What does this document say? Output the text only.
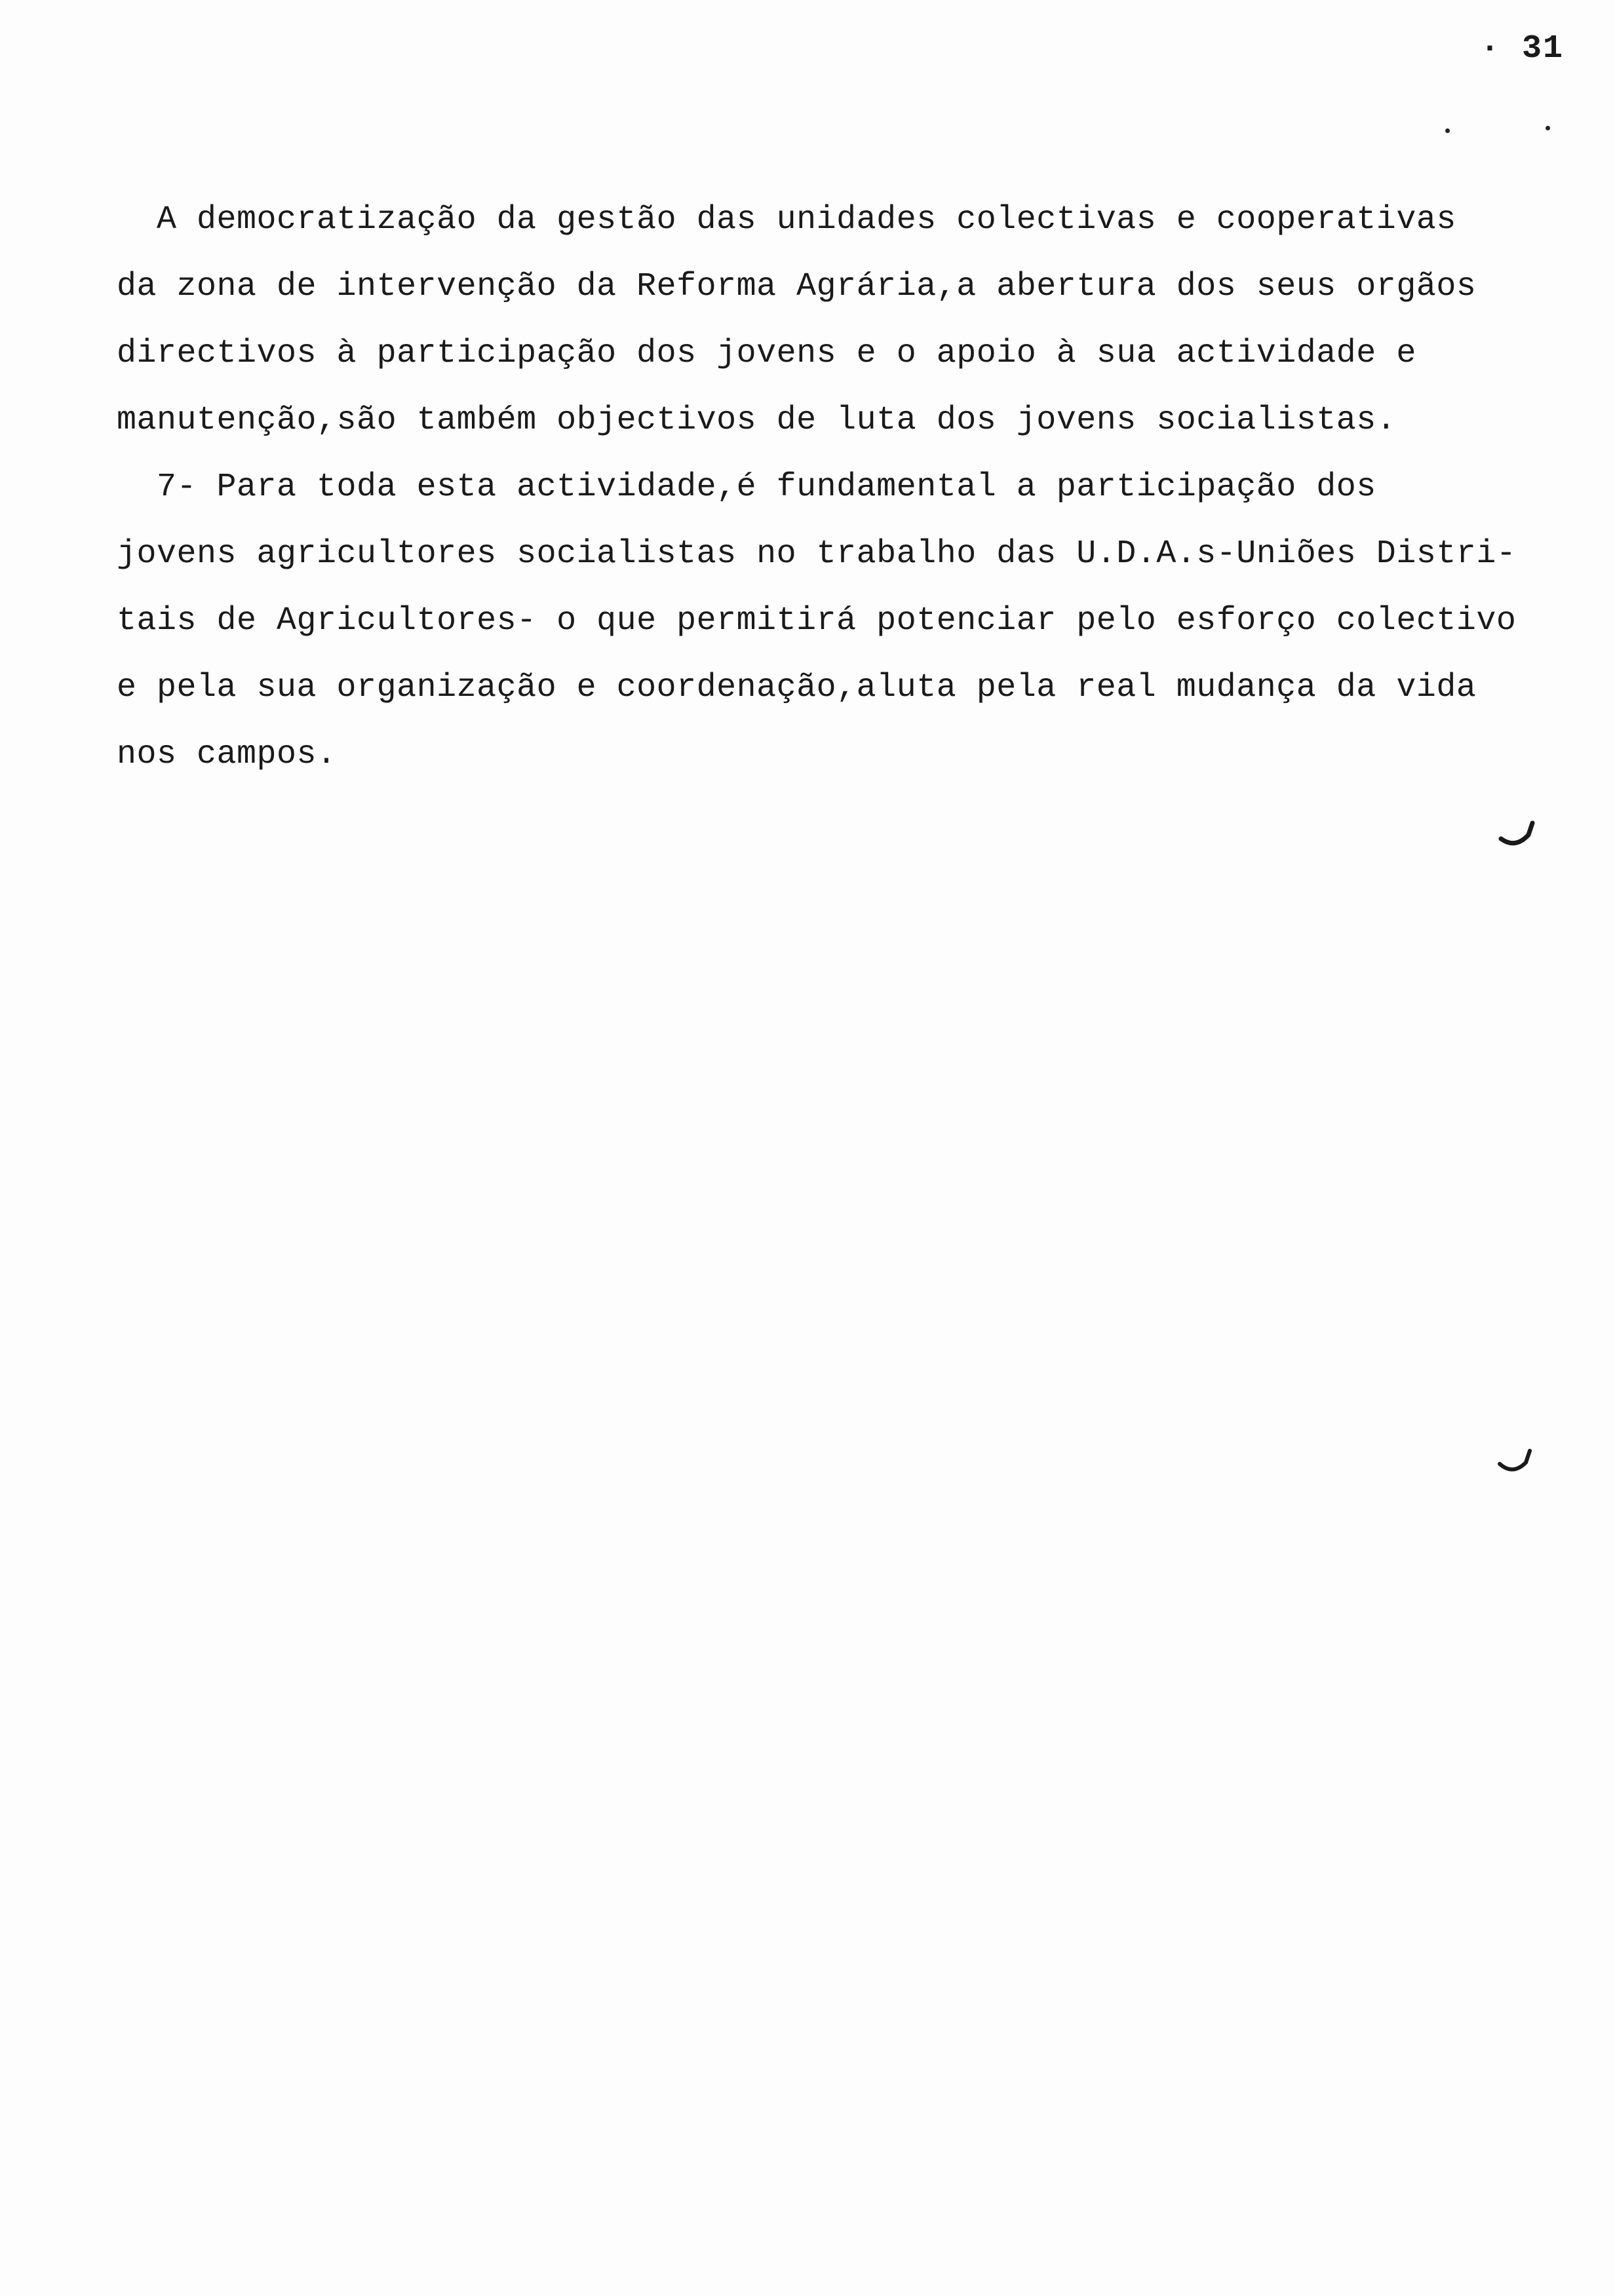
· 31
A democratização da gestão das unidades colectivas e cooperativas
da zona de intervenção da Reforma Agrária,a abertura dos seus orgãos
directivos à participação dos jovens e o apoio à sua actividade e
manutenção,são também objectivos de luta dos jovens socialistas.
7- Para toda esta actividade,é fundamental a participação dos
jovens agricultores socialistas no trabalho das U.D.A.s-Uniões Distri-
tais de Agricultores- o que permitirá potenciar pelo esforço colectivo
e pela sua organização e coordenação,aluta pela real mudança da vida
nos campos.
